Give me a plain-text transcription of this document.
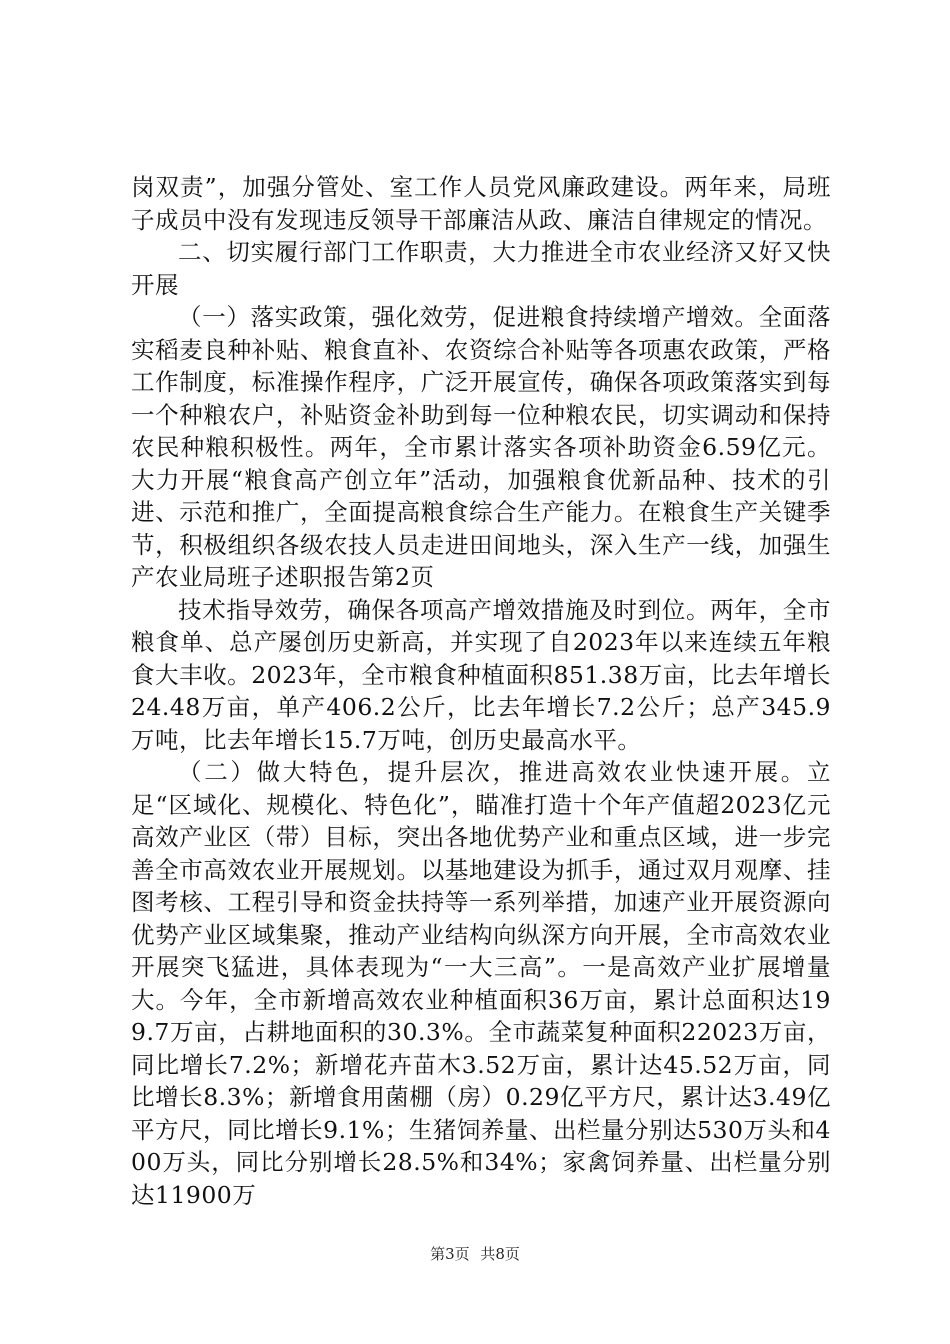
岗双责”，加强分管处、室工作人员党风廉政建设。两年来，局班子成员中没有发现违反领导干部廉洁从政、廉洁自律规定的情况。

二、切实履行部门工作职责，大力推进全市农业经济又好又快开展

（一）落实政策，强化效劳，促进粮食持续增产增效。全面落实稻麦良种补贴、粮食直补、农资综合补贴等各项惠农政策，严格工作制度，标准操作程序，广泛开展宣传，确保各项政策落实到每一个种粮农户，补贴资金补助到每一位种粮农民，切实调动和保持农民种粮积极性。两年，全市累计落实各项补助资金6.59亿元。大力开展“粮食高产创立年”活动，加强粮食优新品种、技术的引进、示范和推广，全面提高粮食综合生产能力。在粮食生产关键季节，积极组织各级农技人员走进田间地头，深入生产一线，加强生产农业局班子述职报告第2页

技术指导效劳，确保各项高产增效措施及时到位。两年，全市粮食单、总产屡创历史新高，并实现了自2023年以来连续五年粮食大丰收。2023年，全市粮食种植面积851.38万亩，比去年增长24.48万亩，单产406.2公斤，比去年增长7.2公斤；总产345.9万吨，比去年增长15.7万吨，创历史最高水平。

（二）做大特色，提升层次，推进高效农业快速开展。立足“区域化、规模化、特色化”，瞄准打造十个年产值超2023亿元高效产业区（带）目标，突出各地优势产业和重点区域，进一步完善全市高效农业开展规划。以基地建设为抓手，通过双月观摩、挂图考核、工程引导和资金扶持等一系列举措，加速产业开展资源向优势产业区域集聚，推动产业结构向纵深方向开展，全市高效农业开展突飞猛进，具体表现为“一大三高”。一是高效产业扩展增量大。今年，全市新增高效农业种植面积36万亩，累计总面积达199.7万亩，占耕地面积的30.3%。全市蔬菜复种面积22023万亩，同比增长7.2%；新增花卉苗木3.52万亩，累计达45.52万亩，同比增长8.3%；新增食用菌棚（房）0.29亿平方尺，累计达3.49亿平方尺，同比增长9.1%；生猪饲养量、出栏量分别达530万头和400万头，同比分别增长28.5%和34%；家禽饲养量、出栏量分别达11900万

第3页 共8页
